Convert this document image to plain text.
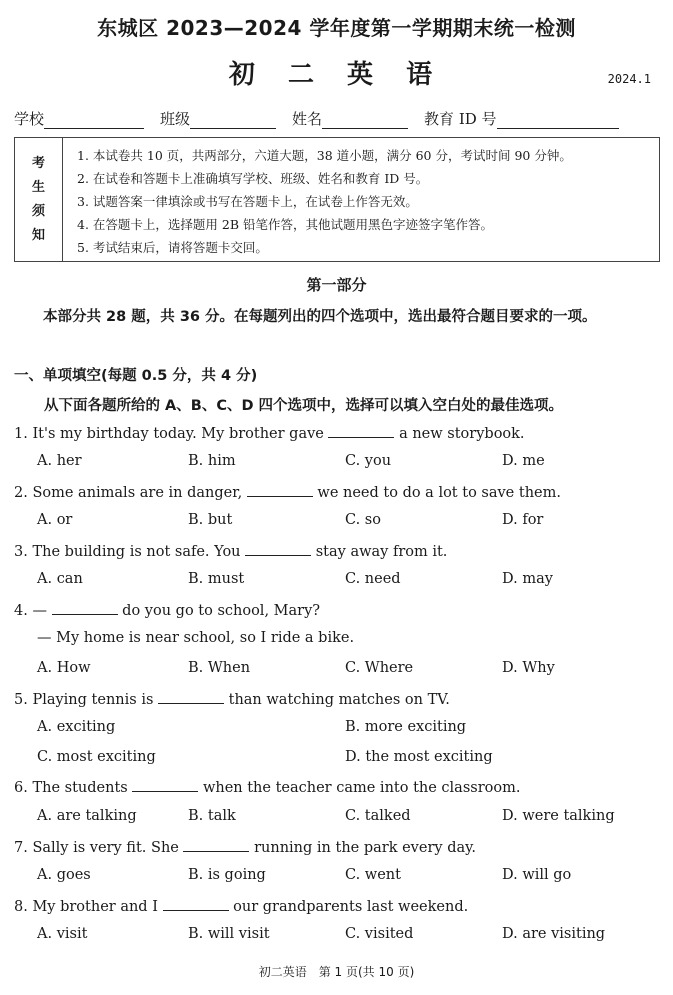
东城区 2023—2024 学年度第一学期期末统一检测
初 二 英 语	2024.1
学校	班级	姓名	教育 ID 号
考
生
须
知
1. 本试卷共 10 页，共两部分，六道大题，38 道小题，满分 60 分，考试时间 90 分钟。
2. 在试卷和答题卡上准确填写学校、班级、姓名和教育 ID 号。
3. 试题答案一律填涂或书写在答题卡上，在试卷上作答无效。
4. 在答题卡上，选择题用 2B 铅笔作答，其他试题用黑色字迹签字笔作答。
5. 考试结束后，请将答题卡交回。
第一部分
本部分共 28 题，共 36 分。在每题列出的四个选项中，选出最符合题目要求的一项。
一、单项填空(每题 0.5 分，共 4 分)
从下面各题所给的 A、B、C、D 四个选项中，选择可以填入空白处的最佳选项。
1. It's my birthday today. My brother gave	a new storybook.
A. her	B. him	C. you	D. me
2. Some animals are in danger,	we need to do a lot to save them.
A. or	B. but	C. so	D. for
3. The building is not safe. You	stay away from it.
A. can	B. must	C. need	D. may
4. —	do you go to school, Mary?
— My home is near school, so I ride a bike.
A. How	B. When	C. Where	D. Why
5. Playing tennis is	than watching matches on TV.
A. exciting	B. more exciting
C. most exciting	D. the most exciting
6. The students	when the teacher came into the classroom.
A. are talking	B. talk	C. talked	D. were talking
7. Sally is very fit. She	running in the park every day.
A. goes	B. is going	C. went	D. will go
8. My brother and I	our grandparents last weekend.
A. visit	B. will visit	C. visited	D. are visiting
初二英语　第 1 页(共 10 页)
